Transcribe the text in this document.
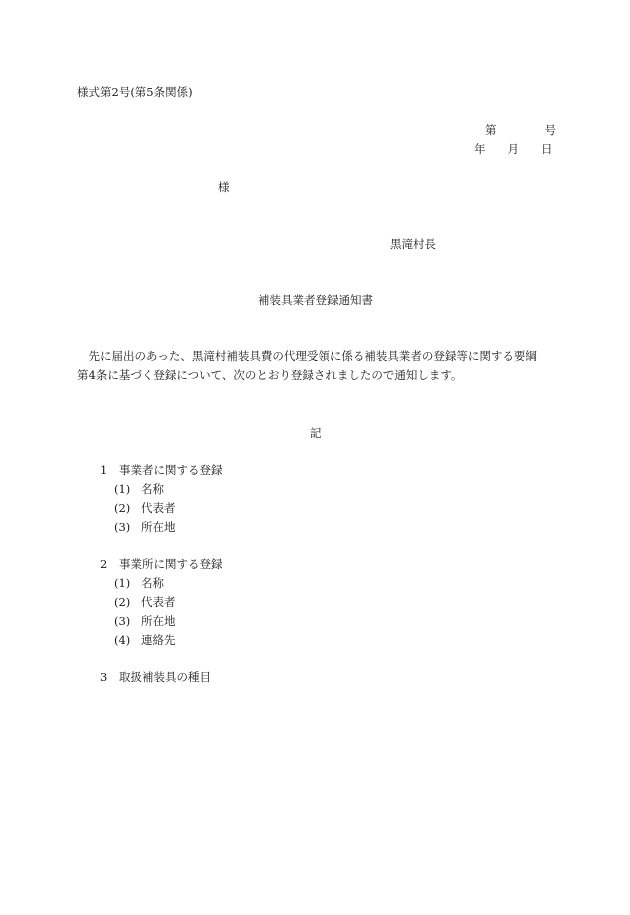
様式第2号(第5条関係)
第	号
年 月 日
様
黒滝村長
補装具業者登録通知書

　先に届出のあった、黒滝村補装具費の代理受領に係る補装具業者の登録等に関する要綱

第4条に基づく登録について、次のとおり登録されましたので通知します。

記
1 事業者に関する登録
(1) 名称
(2) 代表者
(3) 所在地
2 事業所に関する登録
(1) 名称
(2) 代表者
(3) 所在地
(4) 連絡先
3 取扱補装具の種目
